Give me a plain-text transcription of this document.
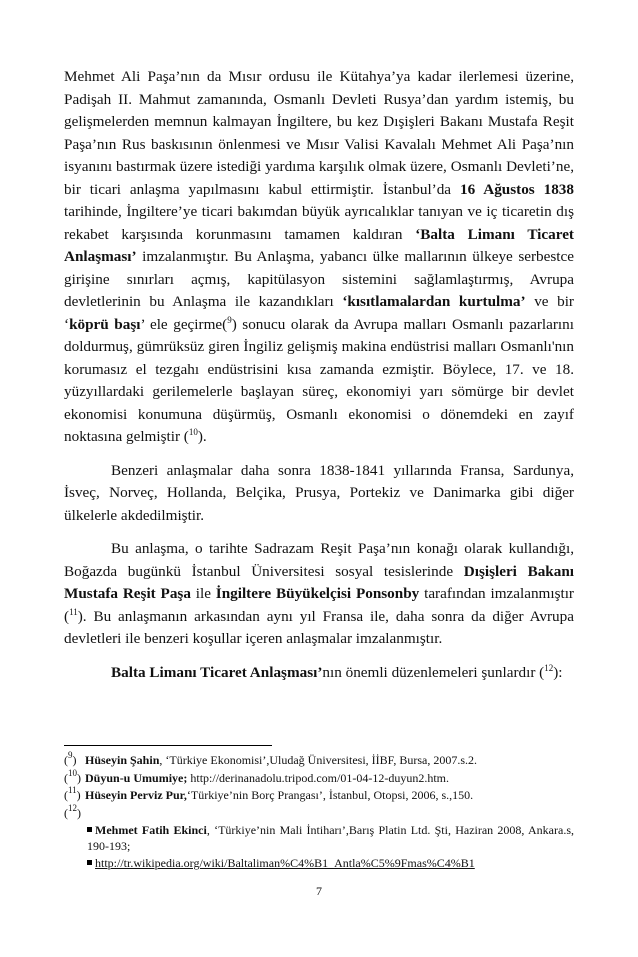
Mehmet Ali Paşa’nın da Mısır ordusu ile Kütahya’ya kadar ilerlemesi üzerine, Padişah II. Mahmut zamanında, Osmanlı Devleti Rusya’dan yardım istemiş, bu gelişmelerden memnun kalmayan İngiltere, bu kez Dışişleri Bakanı Mustafa Reşit Paşa’nın Rus baskısının önlenmesi ve Mısır Valisi Kavalalı Mehmet Ali Paşa’nın isyanını bastırmak üzere istediği yardıma karşılık olmak üzere, Osmanlı Devleti’ne, bir ticari anlaşma yapılmasını kabul ettirmiştir. İstanbul’da 16 Ağustos 1838 tarihinde, İngiltere’ye ticari bakımdan büyük ayrıcalıklar tanıyan ve iç ticaretin dış rekabet karşısında korunmasını tamamen kaldıran ‘Balta Limanı Ticaret Anlaşması’ imzalanmıştır. Bu Anlaşma, yabancı ülke mallarının ülkeye serbestce girişine sınırları açmış, kapitülasyon sistemini sağlamlaştırmış, Avrupa devletlerinin bu Anlaşma ile kazandıkları ‘kısıtlamalardan kurtulma’ ve bir ‘köprü başı’ ele geçirme($^9$) sonucu olarak da Avrupa malları Osmanlı pazarlarını doldurmuş, gümrüksüz giren İngiliz gelişmiş makina endüstrisi malları Osmanlı'nın korumasız el tezgahı endüstrisini kısa zamanda ezmiştir. Böylece, 17. ve 18. yüzyıllardaki gerilemelerle başlayan süreç, ekonomiyi yarı sömürge bir devlet ekonomisi konumuna düşürmüş, Osmanlı ekonomisi o dönemdeki en zayıf noktasına gelmiştir ($^{10}$).

Benzeri anlaşmalar daha sonra 1838-1841 yıllarında Fransa, Sardunya, İsveç, Norveç, Hollanda, Belçika, Prusya, Portekiz ve Danimarka gibi diğer ülkelerle akdedilmiştir.

Bu anlaşma, o tarihte Sadrazam Reşit Paşa’nın konağı olarak kullandığı, Boğazda bugünkü İstanbul Üniversitesi sosyal tesislerinde Dışişleri Bakanı Mustafa Reşit Paşa ile İngiltere Büyükelçisi Ponsonby tarafından imzalanmıştır ($^{11}$). Bu anlaşmanın arkasından aynı yıl Fransa ile, daha sonra da diğer Avrupa devletleri ile benzeri koşullar içeren anlaşmalar imzalanmıştır.

Balta Limanı Ticaret Anlaşması’nın önemli düzenlemeleri şunlardır ($^{12}$):

($^9$) Hüseyin Şahin, ‘Türkiye Ekonomisi’,Uludağ Üniversitesi, İİBF, Bursa, 2007.s.2.

($^{10}$) Düyun-u Umumiye; http://derinanadolu.tripod.com/01-04-12-duyun2.htm.

($^{11}$) Hüseyin Perviz Pur,‘Türkiye’nin Borç Prangası’, İstanbul, Otopsi, 2006, s.,150.

($^{12}$)

Mehmet Fatih Ekinci, ‘Türkiye’nin Mali İntiharı’,Barış Platin Ltd. Şti, Haziran 2008, Ankara.s, 190-193;

http://tr.wikipedia.org/wiki/Baltaliman%C4%B1_Antla%C5%9Fmas%C4%B1

7
